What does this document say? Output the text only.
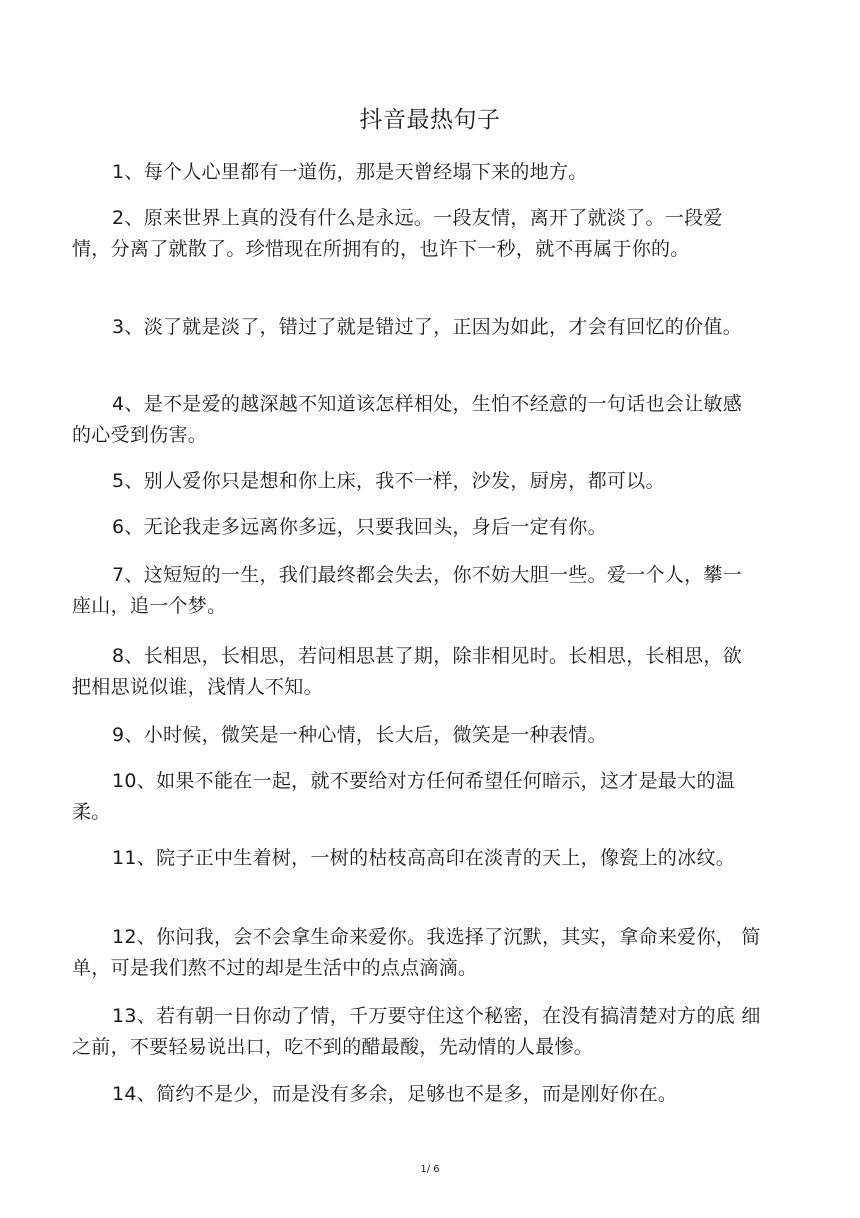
抖音最热句子
1、每个人心里都有一道伤，那是天曾经塌下来的地方。
2、原来世界上真的没有什么是永远。一段友情，离开了就淡了。一段爱 情，分离了就散了。珍惜现在所拥有的，也许下一秒，就不再属于你的。
3、淡了就是淡了，错过了就是错过了，正因为如此，才会有回忆的价值。
4、是不是爱的越深越不知道该怎样相处，生怕不经意的一句话也会让敏感 的心受到伤害。
5、别人爱你只是想和你上床，我不一样，沙发，厨房，都可以。
6、无论我走多远离你多远，只要我回头，身后一定有你。
7、这短短的一生，我们最终都会失去，你不妨大胆一些。爱一个人，攀一 座山，追一个梦。
8、长相思，长相思，若问相思甚了期，除非相见时。长相思，长相思，欲 把相思说似谁，浅情人不知。
9、小时候，微笑是一种心情，长大后，微笑是一种表情。
10、如果不能在一起，就不要给对方任何希望任何暗示，这才是最大的温 柔。
11、院子正中生着树，一树的枯枝高高印在淡青的天上，像瓷上的冰纹。
12、你问我，会不会拿生命来爱你。我选择了沉默，其实，拿命来爱你， 简单，可是我们熬不过的却是生活中的点点滴滴。
13、若有朝一日你动了情，千万要守住这个秘密，在没有搞清楚对方的底 细之前，不要轻易说出口，吃不到的醋最酸，先动情的人最惨。
14、简约不是少，而是没有多余，足够也不是多，而是刚好你在。
1/ 6
